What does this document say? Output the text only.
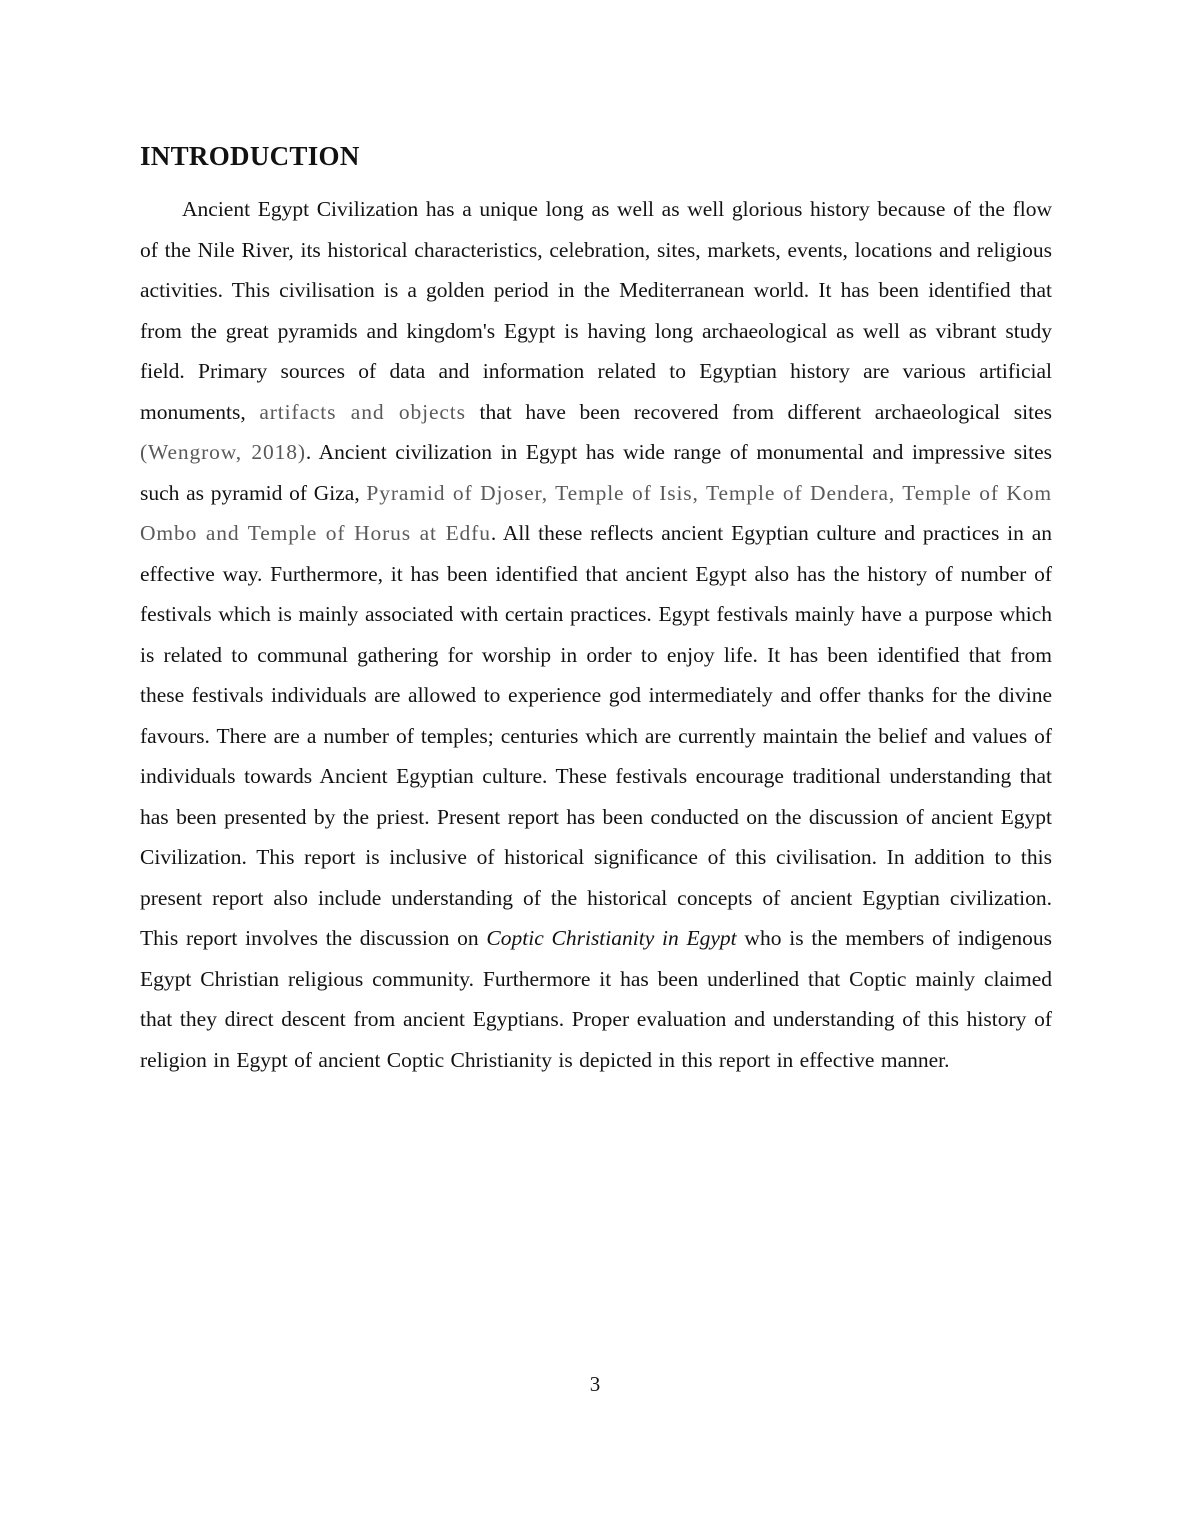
INTRODUCTION

Ancient Egypt Civilization has a unique long as well as well glorious history because of the flow of the Nile River, its historical characteristics, celebration, sites, markets, events, locations and religious activities. This civilisation is a golden period in the Mediterranean world. It has been identified that from the great pyramids and kingdom's Egypt is having long archaeological as well as vibrant study field. Primary sources of data and information related to Egyptian history are various artificial monuments, artifacts and objects that have been recovered from different archaeological sites (Wengrow, 2018). Ancient civilization in Egypt has wide range of monumental and impressive sites such as pyramid of Giza, Pyramid of Djoser, Temple of Isis, Temple of Dendera, Temple of Kom Ombo and Temple of Horus at Edfu. All these reflects ancient Egyptian culture and practices in an effective way. Furthermore, it has been identified that ancient Egypt also has the history of number of festivals which is mainly associated with certain practices. Egypt festivals mainly have a purpose which is related to communal gathering for worship in order to enjoy life. It has been identified that from these festivals individuals are allowed to experience god intermediately and offer thanks for the divine favours. There are a number of temples; centuries which are currently maintain the belief and values of individuals towards Ancient Egyptian culture. These festivals encourage traditional understanding that has been presented by the priest. Present report has been conducted on the discussion of ancient Egypt Civilization. This report is inclusive of historical significance of this civilisation. In addition to this present report also include understanding of the historical concepts of ancient Egyptian civilization. This report involves the discussion on Coptic Christianity in Egypt who is the members of indigenous Egypt Christian religious community. Furthermore it has been underlined that Coptic mainly claimed that they direct descent from ancient Egyptians. Proper evaluation and understanding of this history of religion in Egypt of ancient Coptic Christianity is depicted in this report in effective manner.

3
